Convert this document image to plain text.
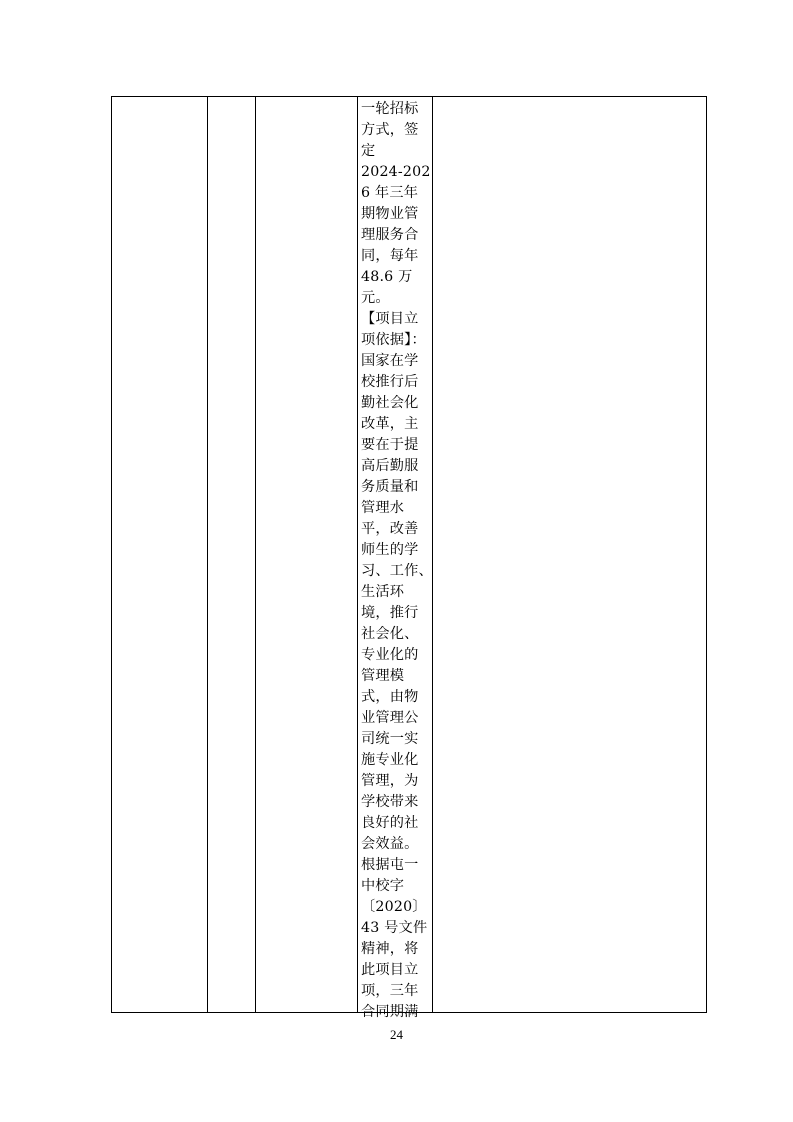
一轮招标
方式，签
定
2024-202
6 年三年
期物业管
理服务合
同，每年
48.6 万
元。
【项目立
项依据】：
国家在学
校推行后
勤社会化
改革，主
要在于提
高后勤服
务质量和
管理水
平，改善
师生的学
习、工作、
生活环
境，推行
社会化、
专业化的
管理模
式，由物
业管理公
司统一实
施专业化
管理，为
学校带来
良好的社
会效益。
根据屯一
中校字
〔2020〕
43 号文件
精神，将
此项目立
项，三年
合同期满
24
